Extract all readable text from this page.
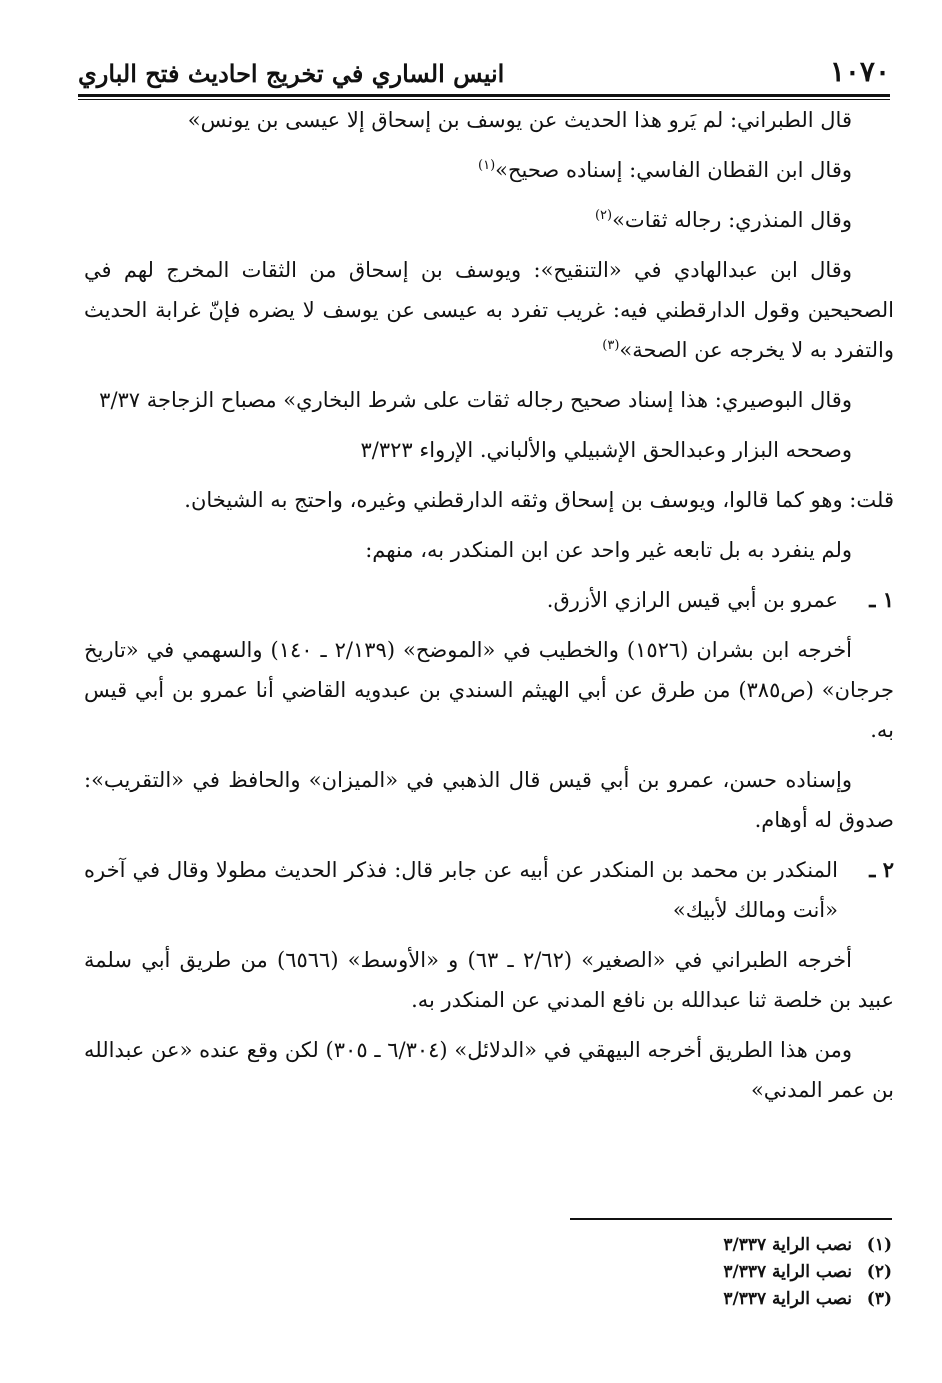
١٠٧٠
انيس الساري في تخريج احاديث فتح الباري

قال الطبراني: لم يَرو هذا الحديث عن يوسف بن إسحاق إلا عيسى بن يونس»

وقال ابن القطان الفاسي: إسناده صحيح»$^{(١)}$

وقال المنذري: رجاله ثقات»$^{(٢)}$

وقال ابن عبدالهادي في «التنقيح»: ويوسف بن إسحاق من الثقات المخرج لهم في الصحيحين وقول الدارقطني فيه: غريب تفرد به عيسى عن يوسف لا يضره فإنّ غرابة الحديث والتفرد به لا يخرجه عن الصحة»$^{(٣)}$

وقال البوصيري: هذا إسناد صحيح رجاله ثقات على شرط البخاري» مصباح الزجاجة ٣/٣٧

وصححه البزار وعبدالحق الإشبيلي والألباني. الإرواء ٣/٣٢٣

قلت: وهو كما قالوا، ويوسف بن إسحاق وثقه الدارقطني وغيره، واحتج به الشيخان.

ولم ينفرد به بل تابعه غير واحد عن ابن المنكدر به، منهم:

١ ـ
عمرو بن أبي قيس الرازي الأزرق.

أخرجه ابن بشران (١٥٢٦) والخطيب في «الموضح» (٢/١٣٩ ـ ١٤٠) والسهمي في «تاريخ جرجان» (ص٣٨٥) من طرق عن أبي الهيثم السندي بن عبدويه القاضي أنا عمرو بن أبي قيس به.

وإسناده حسن، عمرو بن أبي قيس قال الذهبي في «الميزان» والحافظ في «التقريب»: صدوق له أوهام.

٢ ـ
المنكدر بن محمد بن المنكدر عن أبيه عن جابر قال: فذكر الحديث مطولا وقال في آخره «أنت ومالك لأبيك»

أخرجه الطبراني في «الصغير» (٢/٦٢ ـ ٦٣) و «الأوسط» (٦٥٦٦) من طريق أبي سلمة عبيد بن خلصة ثنا عبدالله بن نافع المدني عن المنكدر به.

ومن هذا الطريق أخرجه البيهقي في «الدلائل» (٦/٣٠٤ ـ ٣٠٥) لكن وقع عنده «عن عبدالله بن عمر المدني»

(١)
نصب الراية ٣/٣٣٧
(٢)
نصب الراية ٣/٣٣٧
(٣)
نصب الراية ٣/٣٣٧
